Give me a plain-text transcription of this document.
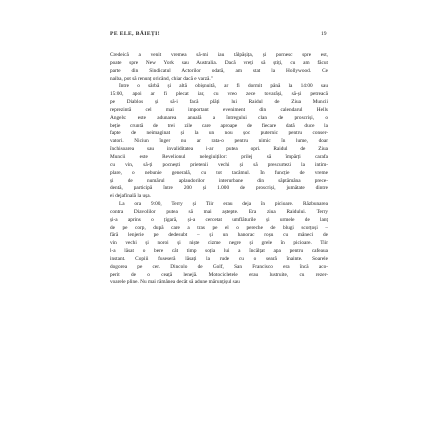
PE ELE, BĂIEȚI!	19
Credeică a venit vremea să-mi iau tălpășița, și pornesc spre est,
poate spre New York sau Australia. Dacă vreți să știți, cu am făcut
parte din Sindicatul Actorilor odată, am stat la Hollywood. Ce
naiba, pot să renunț oricând, chiar dacă e varză."
Între o sârbă și altă obișnuită, ar fi dormit până la 14:00 sau
15:00, apoi ar fi plecat iar, cu vreo zece tovarăși, să-și petreacă
pe Diablos și să-i facă plăți lui Raidul de Ziua Muncii
reprezintă cel mai important eveniment din calendarul Hells
Angels: este adunarea anuală a întregului clan de proscriși, o
beție cruntă de trei zile care aproape de fiecare dată duce la
fapte de neimaginat și la un nou șoc puternic pentru conser-
vatori. Niciun înger nu ar rata-o pentru nimic în lume, doar
închisoarea sau invaliditatea i-ar putea opri. Raidul de Ziua
Muncii este Revelionul nelegiuiților: prilej să împărți carafa
cu vin, să-ți pocnești prietenii vechi și să prescurtezi la intim-
plare, o nebunie generală, cu tot tacâmul. În funcție de vreme
și de numărul aplaudorilor interurbane din săptămâna prece-
dentă, participă între 200 și 1.000 de proscriși, jumătate dintre
ei dejafinală la ușa.
La ora 9:00, Terry și Tiir erau deja în picioare. Răzbunarea
contra Diavolilor putea să mai aștepte. Era ziua Raidului. Terry
și-a aprins o țigară, și-a cercetat umflăturile și urmele de lanț
de pe corp, după care a tras pe el o pereche de blugi scorțoși –
fără lenjerie pe dedesubt – și un hanorac roșu cu mâneci de
vin vechi și noroi și niște cizme negre și grele în picioare. Tiir
l-a lăsat o bere cât timp soția lui a încălțat apa pentru cafeaua
instant. Copiii fuseseră lăsați la rude cu o seară înainte. Soarele
dogorea pe cer. Dincolo de Golf, San Francisco era încă aco-
perit de o ceață lenejă. Motocicletele erau lustruite, cu rezer-
voarele pline. Nu mai rămânea decât să adune mărunțișul sau
